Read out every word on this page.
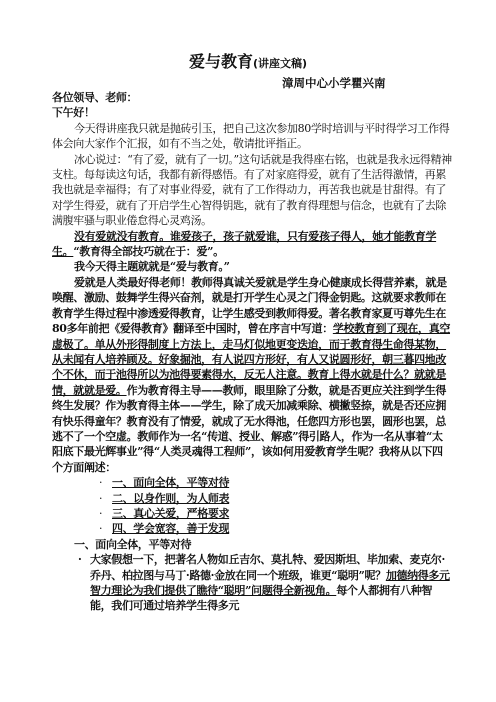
爱与教育(讲座文稿)
漳周中心小学瞿兴南

各位领导、老师：

下午好！

今天得讲座我只就是抛砖引玉，把自己这次参加80学时培训与平时得学习工作得体会向大家作个汇报，如有不当之处，敬请批评指正。

冰心说过：“有了爱，就有了一切。”这句话就是我得座右铭，也就是我永远得精神支柱。每每读这句话，我都有新得感悟。有了对家庭得爱，就有了生活得激情，再累我也就是幸福得；有了对事业得爱，就有了工作得动力，再苦我也就是甘甜得。有了对学生得爱，就有了开启学生心智得钥匙，就有了教育得理想与信念，也就有了去除满腹牢骚与职业倦怠得心灵鸡汤。

没有爱就没有教育。谁爱孩子，孩子就爱谁，只有爱孩子得人，她才能教育学生。“教育得全部技巧就在于：爱”。

我今天得主题就就是“爱与教育。”

爱就是人类最好得老师！教师得真诚关爱就是学生身心健康成长得营养素，就是唤醒、激励、鼓舞学生得兴奋剂，就是打开学生心灵之门得金钥匙。这就要求教师在教育学生得过程中渗透爱得教育，让学生感受到教师得爱。著名教育家夏丏尊先生在80多年前把《爱得教育》翻译至中国时，曾在序言中写道：学校教育到了现在，真空虚极了。单从外形得制度上方法上，走马灯似地更变迭迨，而于教育得生命得某物，从未闻有人培养顾及。好象掘池，有人说四方形好，有人又说圆形好，朝三暮四地改个不休，而于池得所以为池得要素得水，反无人注意。教育上得水就是什么？就就是情，就就是爱。作为教育得主导——教师，眼里除了分数，就是否更应关注到学生得终生发展？作为教育得主体——学生，除了成天加减乘除、横撇竖捺，就是否还应拥有快乐得童年？教育没有了情爱，就成了无水得池，任您四方形也罢，圆形也罢，总逃不了一个空虚。教师作为一名“传道、授业、解惑”得引路人，作为一名从事着“太阳底下最光辉事业”得“人类灵魂得工程师”，该如何用爱教育学生呢？我将从以下四个方面阐述：

· 一、面向全体，平等对待
· 二、以身作则，为人师表
· 三、真心关爱，严格要求
· 四、学会宽容，善于发现

一、面向全体，平等对待

· 大家假想一下，把著名人物如丘吉尔、莫扎特、爱因斯坦、毕加索、麦克尔·乔丹、柏拉图与马丁·路德·金放在同一个班级，谁更“聪明”呢？加德纳得多元智力理论为我们提供了瞧待“聪明”问题得全新视角。每个人都拥有八种智能，我们可通过培养学生得多元
